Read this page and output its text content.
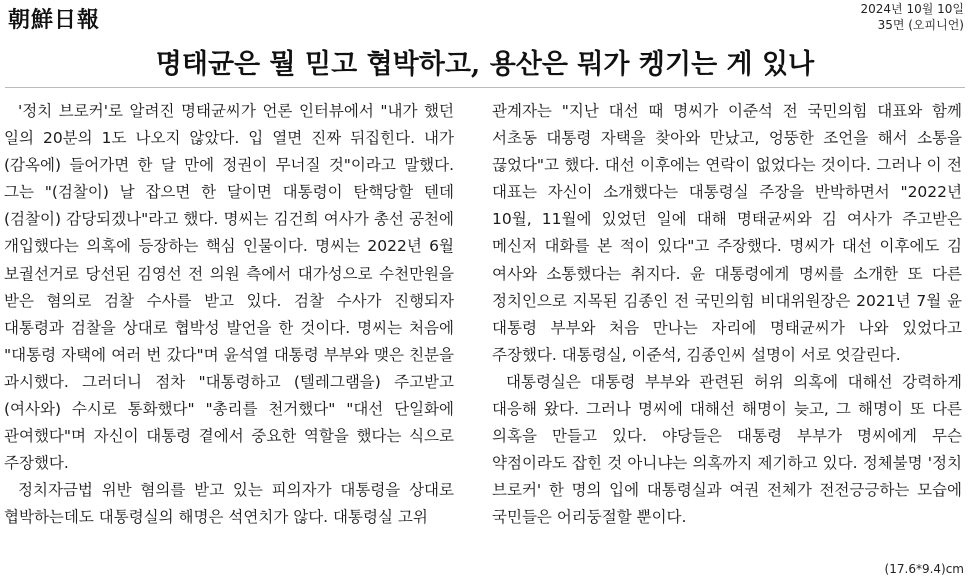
朝鮮日報	2024년 10월 10일
35면 (오피니언)
명태균은 뭘 믿고 협박하고, 용산은 뭐가 켕기는 게 있나

'정치 브로커'로 알려진 명태균씨가 언론 인터뷰에서 "내가 했던 일의 20분의 1도 나오지 않았다. 입 열면 진짜 뒤집힌다. 내가 (감옥에) 들어가면 한 달 만에 정권이 무너질 것"이라고 말했다. 그는 "(검찰이) 날 잡으면 한 달이면 대통령이 탄핵당할 텐데 (검찰이) 감당되겠나"라고 했다. 명씨는 김건희 여사가 총선 공천에 개입했다는 의혹에 등장하는 핵심 인물이다. 명씨는 2022년 6월 보궐선거로 당선된 김영선 전 의원 측에서 대가성으로 수천만원을 받은 혐의로 검찰 수사를 받고 있다. 검찰 수사가 진행되자 대통령과 검찰을 상대로 협박성 발언을 한 것이다. 명씨는 처음에 "대통령 자택에 여러 번 갔다"며 윤석열 대통령 부부와 맺은 친분을 과시했다. 그러더니 점차 "대통령하고 (텔레그램을) 주고받고 (여사와) 수시로 통화했다" "총리를 천거했다" "대선 단일화에 관여했다"며 자신이 대통령 곁에서 중요한 역할을 했다는 식으로 주장했다.

정치자금법 위반 혐의를 받고 있는 피의자가 대통령을 상대로 협박하는데도 대통령실의 해명은 석연치가 않다. 대통령실 고위

관계자는 "지난 대선 때 명씨가 이준석 전 국민의힘 대표와 함께 서초동 대통령 자택을 찾아와 만났고, 엉뚱한 조언을 해서 소통을 끊었다"고 했다. 대선 이후에는 연락이 없었다는 것이다. 그러나 이 전 대표는 자신이 소개했다는 대통령실 주장을 반박하면서 "2022년 10월, 11월에 있었던 일에 대해 명태균씨와 김 여사가 주고받은 메신저 대화를 본 적이 있다"고 주장했다. 명씨가 대선 이후에도 김 여사와 소통했다는 취지다. 윤 대통령에게 명씨를 소개한 또 다른 정치인으로 지목된 김종인 전 국민의힘 비대위원장은 2021년 7월 윤 대통령 부부와 처음 만나는 자리에 명태균씨가 나와 있었다고 주장했다. 대통령실, 이준석, 김종인씨 설명이 서로 엇갈린다.

대통령실은 대통령 부부와 관련된 허위 의혹에 대해선 강력하게 대응해 왔다. 그러나 명씨에 대해선 해명이 늦고, 그 해명이 또 다른 의혹을 만들고 있다. 야당들은 대통령 부부가 명씨에게 무슨 약점이라도 잡힌 것 아니냐는 의혹까지 제기하고 있다. 정체불명 '정치 브로커' 한 명의 입에 대통령실과 여권 전체가 전전긍긍하는 모습에 국민들은 어리둥절할 뿐이다.

(17.6*9.4)cm
